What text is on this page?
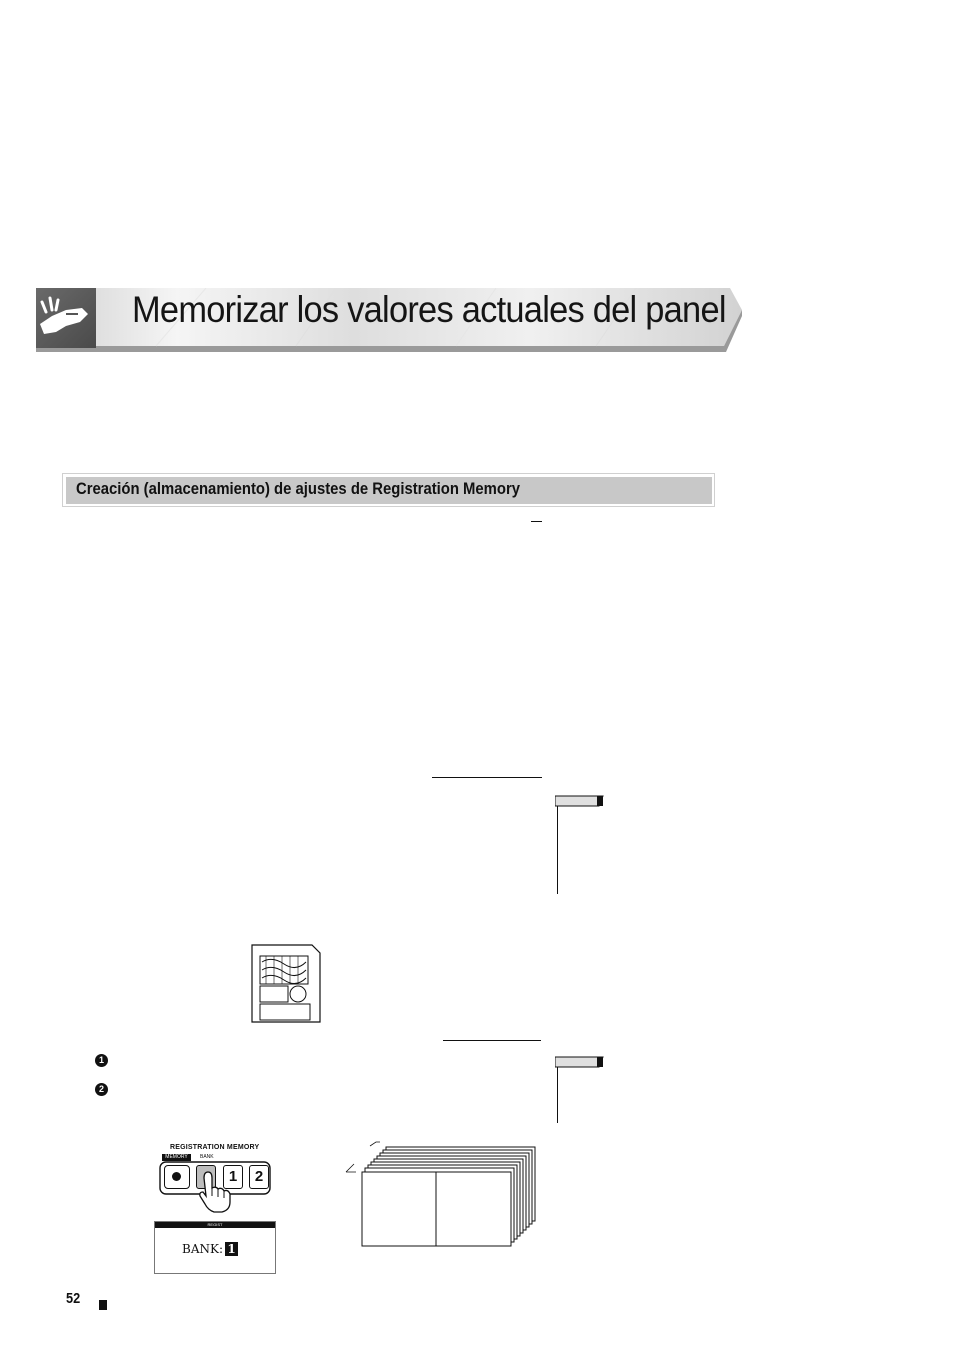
Memorizar los valores actuales del panel
Creación (almacenamiento) de ajustes de Registration Memory
1
2
REGISTRATION MEMORY
MEMORY	BANK
1	2
REGIST
BANK: 1
52
